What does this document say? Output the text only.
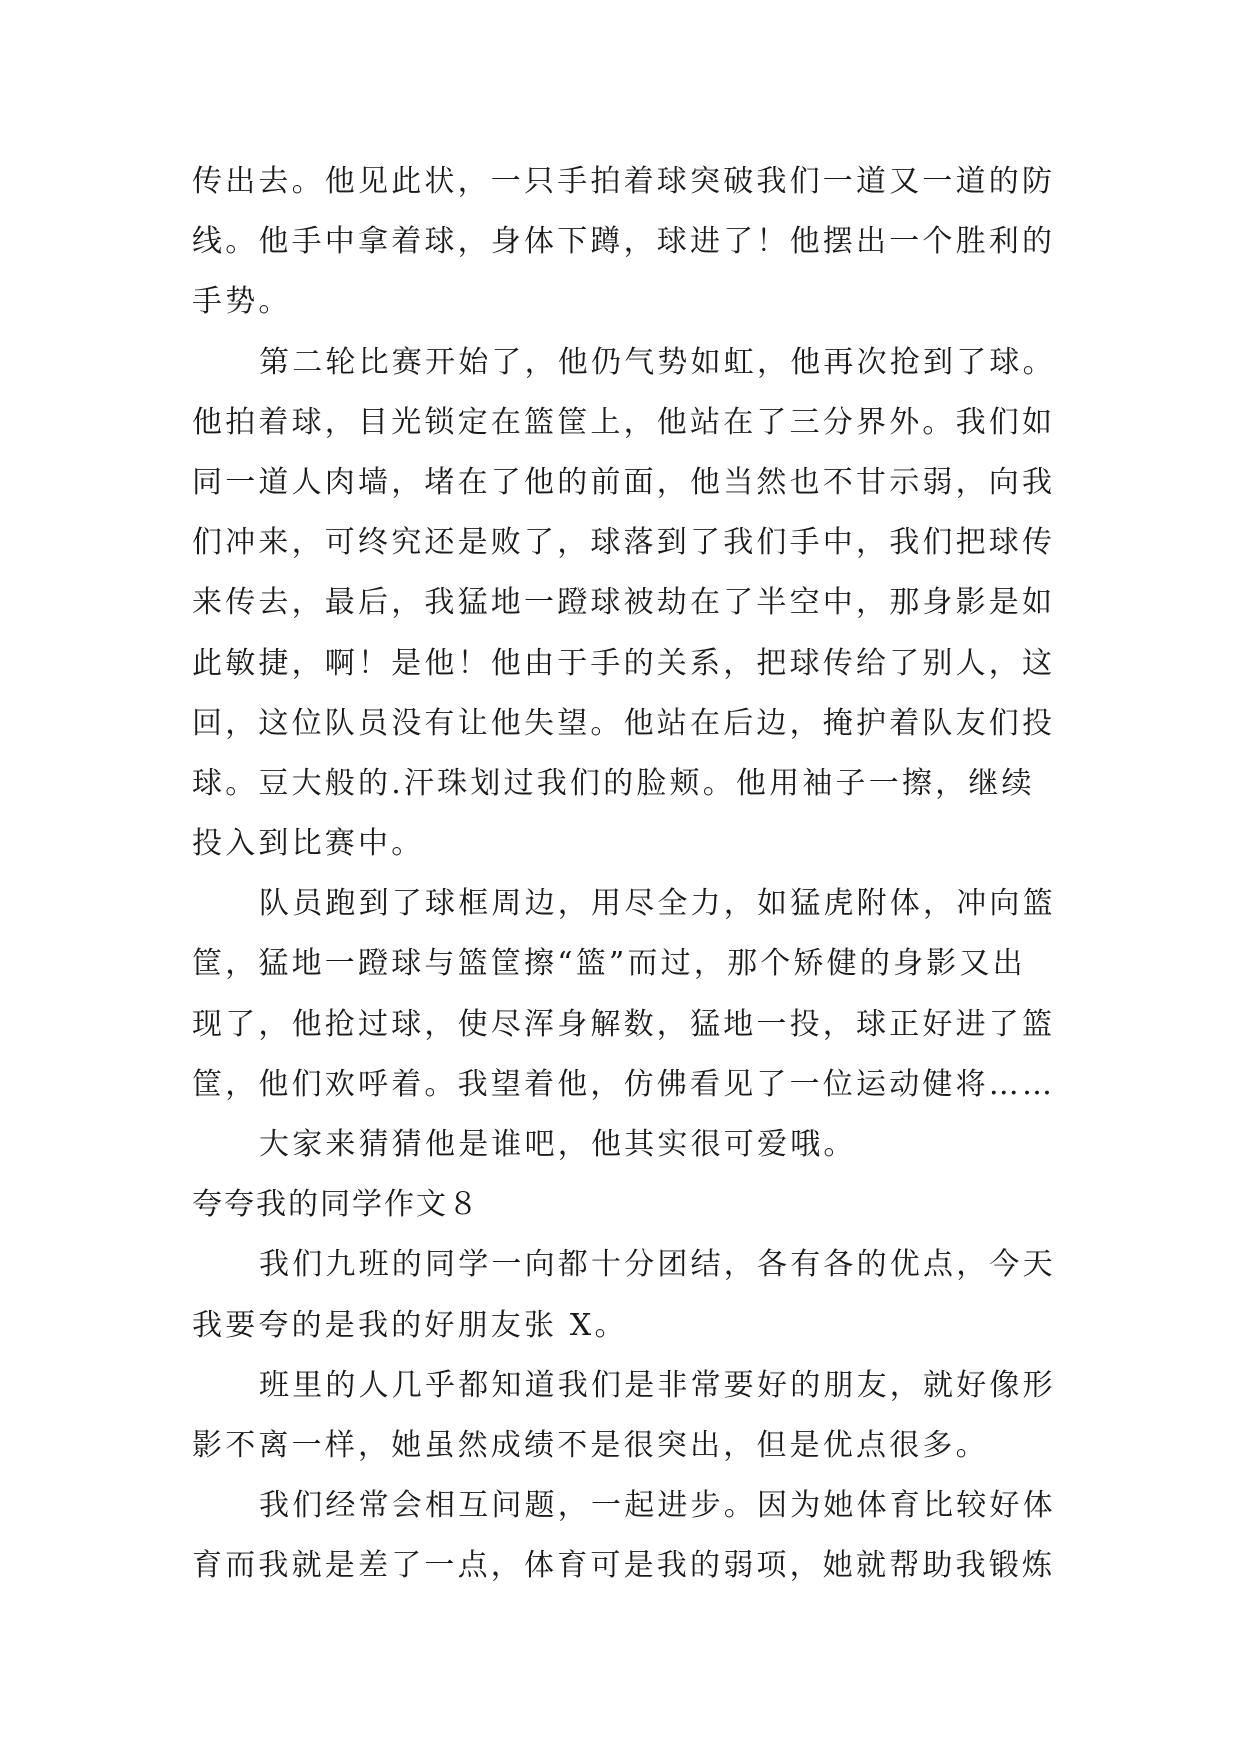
传出去。他见此状，一只手拍着球突破我们一道又一道的防
线。他手中拿着球，身体下蹲，球进了！他摆出一个胜利的
手势。
第二轮比赛开始了，他仍气势如虹，他再次抢到了球。
他拍着球，目光锁定在篮筐上，他站在了三分界外。我们如
同一道人肉墙，堵在了他的前面，他当然也不甘示弱，向我
们冲来，可终究还是败了，球落到了我们手中，我们把球传
来传去，最后，我猛地一蹬球被劫在了半空中，那身影是如
此敏捷，啊！是他！他由于手的关系，把球传给了别人，这
回，这位队员没有让他失望。他站在后边，掩护着队友们投
球。豆大般的.汗珠划过我们的脸颊。他用袖子一擦，继续
投入到比赛中。
队员跑到了球框周边，用尽全力，如猛虎附体，冲向篮
筐，猛地一蹬球与篮筐擦“篮”而过，那个矫健的身影又出
现了，他抢过球，使尽浑身解数，猛地一投，球正好进了篮
筐，他们欢呼着。我望着他，仿佛看见了一位运动健将……
大家来猜猜他是谁吧，他其实很可爱哦。
夸夸我的同学作文８
我们九班的同学一向都十分团结，各有各的优点，今天
我要夸的是我的好朋友张 X。
班里的人几乎都知道我们是非常要好的朋友，就好像形
影不离一样，她虽然成绩不是很突出，但是优点很多。
我们经常会相互问题，一起进步。因为她体育比较好体
育而我就是差了一点，体育可是我的弱项，她就帮助我锻炼
